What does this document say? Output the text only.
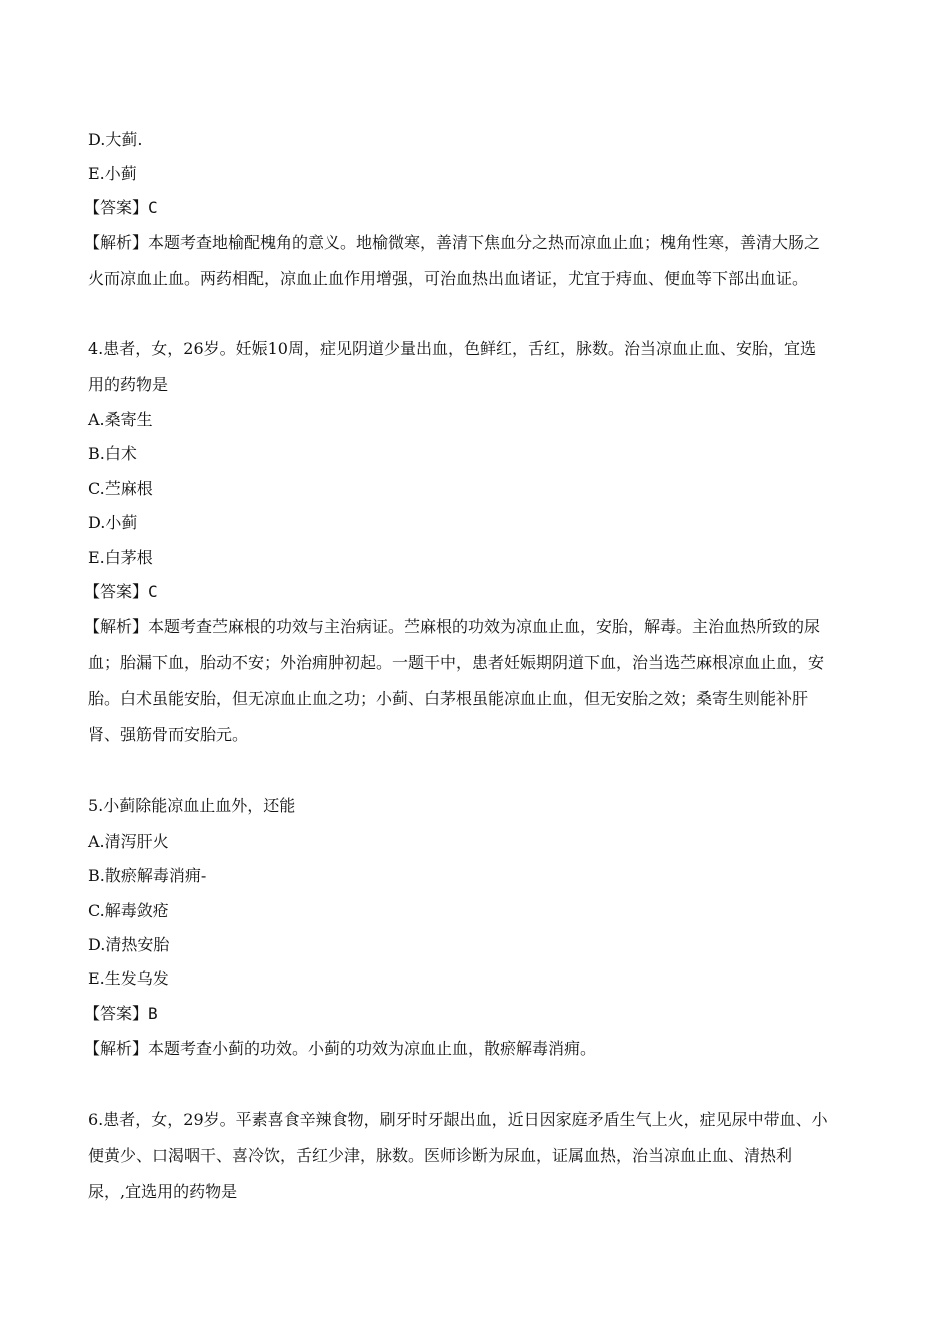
D.大蓟.
E.小蓟
【答案】C
【解析】本题考查地榆配槐角的意义。地榆微寒，善清下焦血分之热而凉血止血；槐角性寒，善清大肠之
火而凉血止血。两药相配，凉血止血作用增强，可治血热出血诸证，尤宜于痔血、便血等下部出血证。
4.患者，女，26岁。妊娠10周，症见阴道少量出血，色鲜红，舌红，脉数。治当凉血止血、安胎，宜选
用的药物是
A.桑寄生
B.白术
C.苎麻根
D.小蓟
E.白茅根
【答案】C
【解析】本题考查苎麻根的功效与主治病证。苎麻根的功效为凉血止血，安胎，解毒。主治血热所致的尿
血；胎漏下血，胎动不安；外治痈肿初起。一题干中，患者妊娠期阴道下血，治当选苎麻根凉血止血，安
胎。白术虽能安胎，但无凉血止血之功；小蓟、白茅根虽能凉血止血，但无安胎之效；桑寄生则能补肝
肾、强筋骨而安胎元。
5.小蓟除能凉血止血外，还能
A.清泻肝火
B.散瘀解毒消痈-
C.解毒敛疮
D.清热安胎
E.生发乌发
【答案】B
【解析】本题考查小蓟的功效。小蓟的功效为凉血止血，散瘀解毒消痈。
6.患者，女，29岁。平素喜食辛辣食物，刷牙时牙龈出血，近日因家庭矛盾生气上火，症见尿中带血、小
便黄少、口渴咽干、喜冷饮，舌红少津，脉数。医师诊断为尿血，证属血热，治当凉血止血、清热利
尿，,宜选用的药物是
